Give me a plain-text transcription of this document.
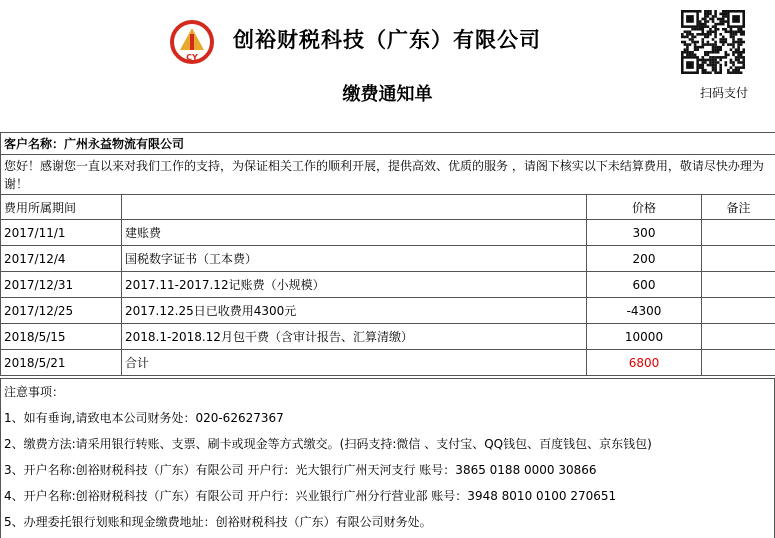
CY
创裕财税科技（广东）有限公司
缴费通知单	扫码支付
客户名称：广州永益物流有限公司			
您好！感谢您一直以来对我们工作的支持，为保证相关工作的顺利开展，提供高效、优质的服务 ，请阁下核实以下未结算费用，敬请尽快办理为谢！			
费用所属期间		价格	备注
2017/11/1	建账费	300	
2017/12/4	国税数字证书（工本费）	200	
2017/12/31	2017.11-2017.12记账费（小规模）	600	
2017/12/25	2017.12.25日已收费用4300元	-4300	
2018/5/15	2018.1-2018.12月包干费（含审计报告、汇算清缴）	10000	
2018/5/21	合计	6800	
注意事项：
1、如有垂询,请致电本公司财务处：020-62627367
2、缴费方法:请采用银行转账、支票、刷卡或现金等方式缴交。(扫码支持:微信 、支付宝、QQ钱包、百度钱包、京东钱包)
3、开户名称:创裕财税科技（广东）有限公司 开户行：光大银行广州天河支行 账号：3865 0188 0000 30866
4、开户名称:创裕财税科技（广东）有限公司 开户行：兴业银行广州分行营业部 账号：3948 8010 0100 270651
5、办理委托银行划账和现金缴费地址：创裕财税科技（广东）有限公司财务处。
